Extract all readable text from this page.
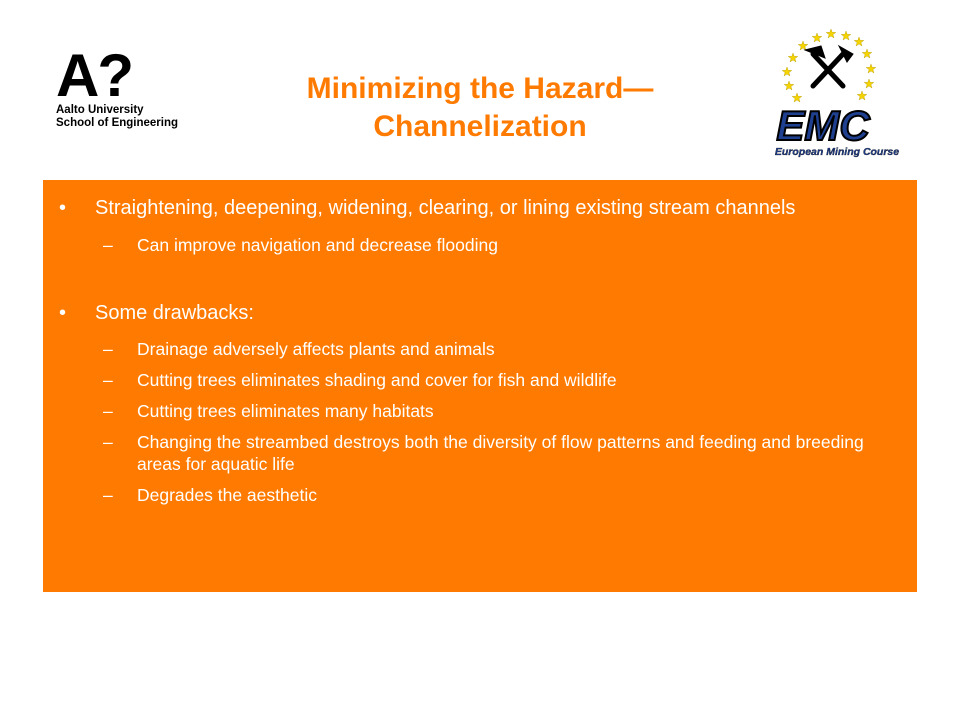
A?
Aalto University
School of Engineering
Minimizing the Hazard—
Channelization	EMC
European Mining Course
• Straightening, deepening, widening, clearing, or lining existing stream channels
– Can improve navigation and decrease flooding
• Some drawbacks:
– Drainage adversely affects plants and animals
– Cutting trees eliminates shading and cover for fish and wildlife
– Cutting trees eliminates many habitats
– Changing the streambed destroys both the diversity of flow patterns and feeding and breeding areas for aquatic life
– Degrades the aesthetic
